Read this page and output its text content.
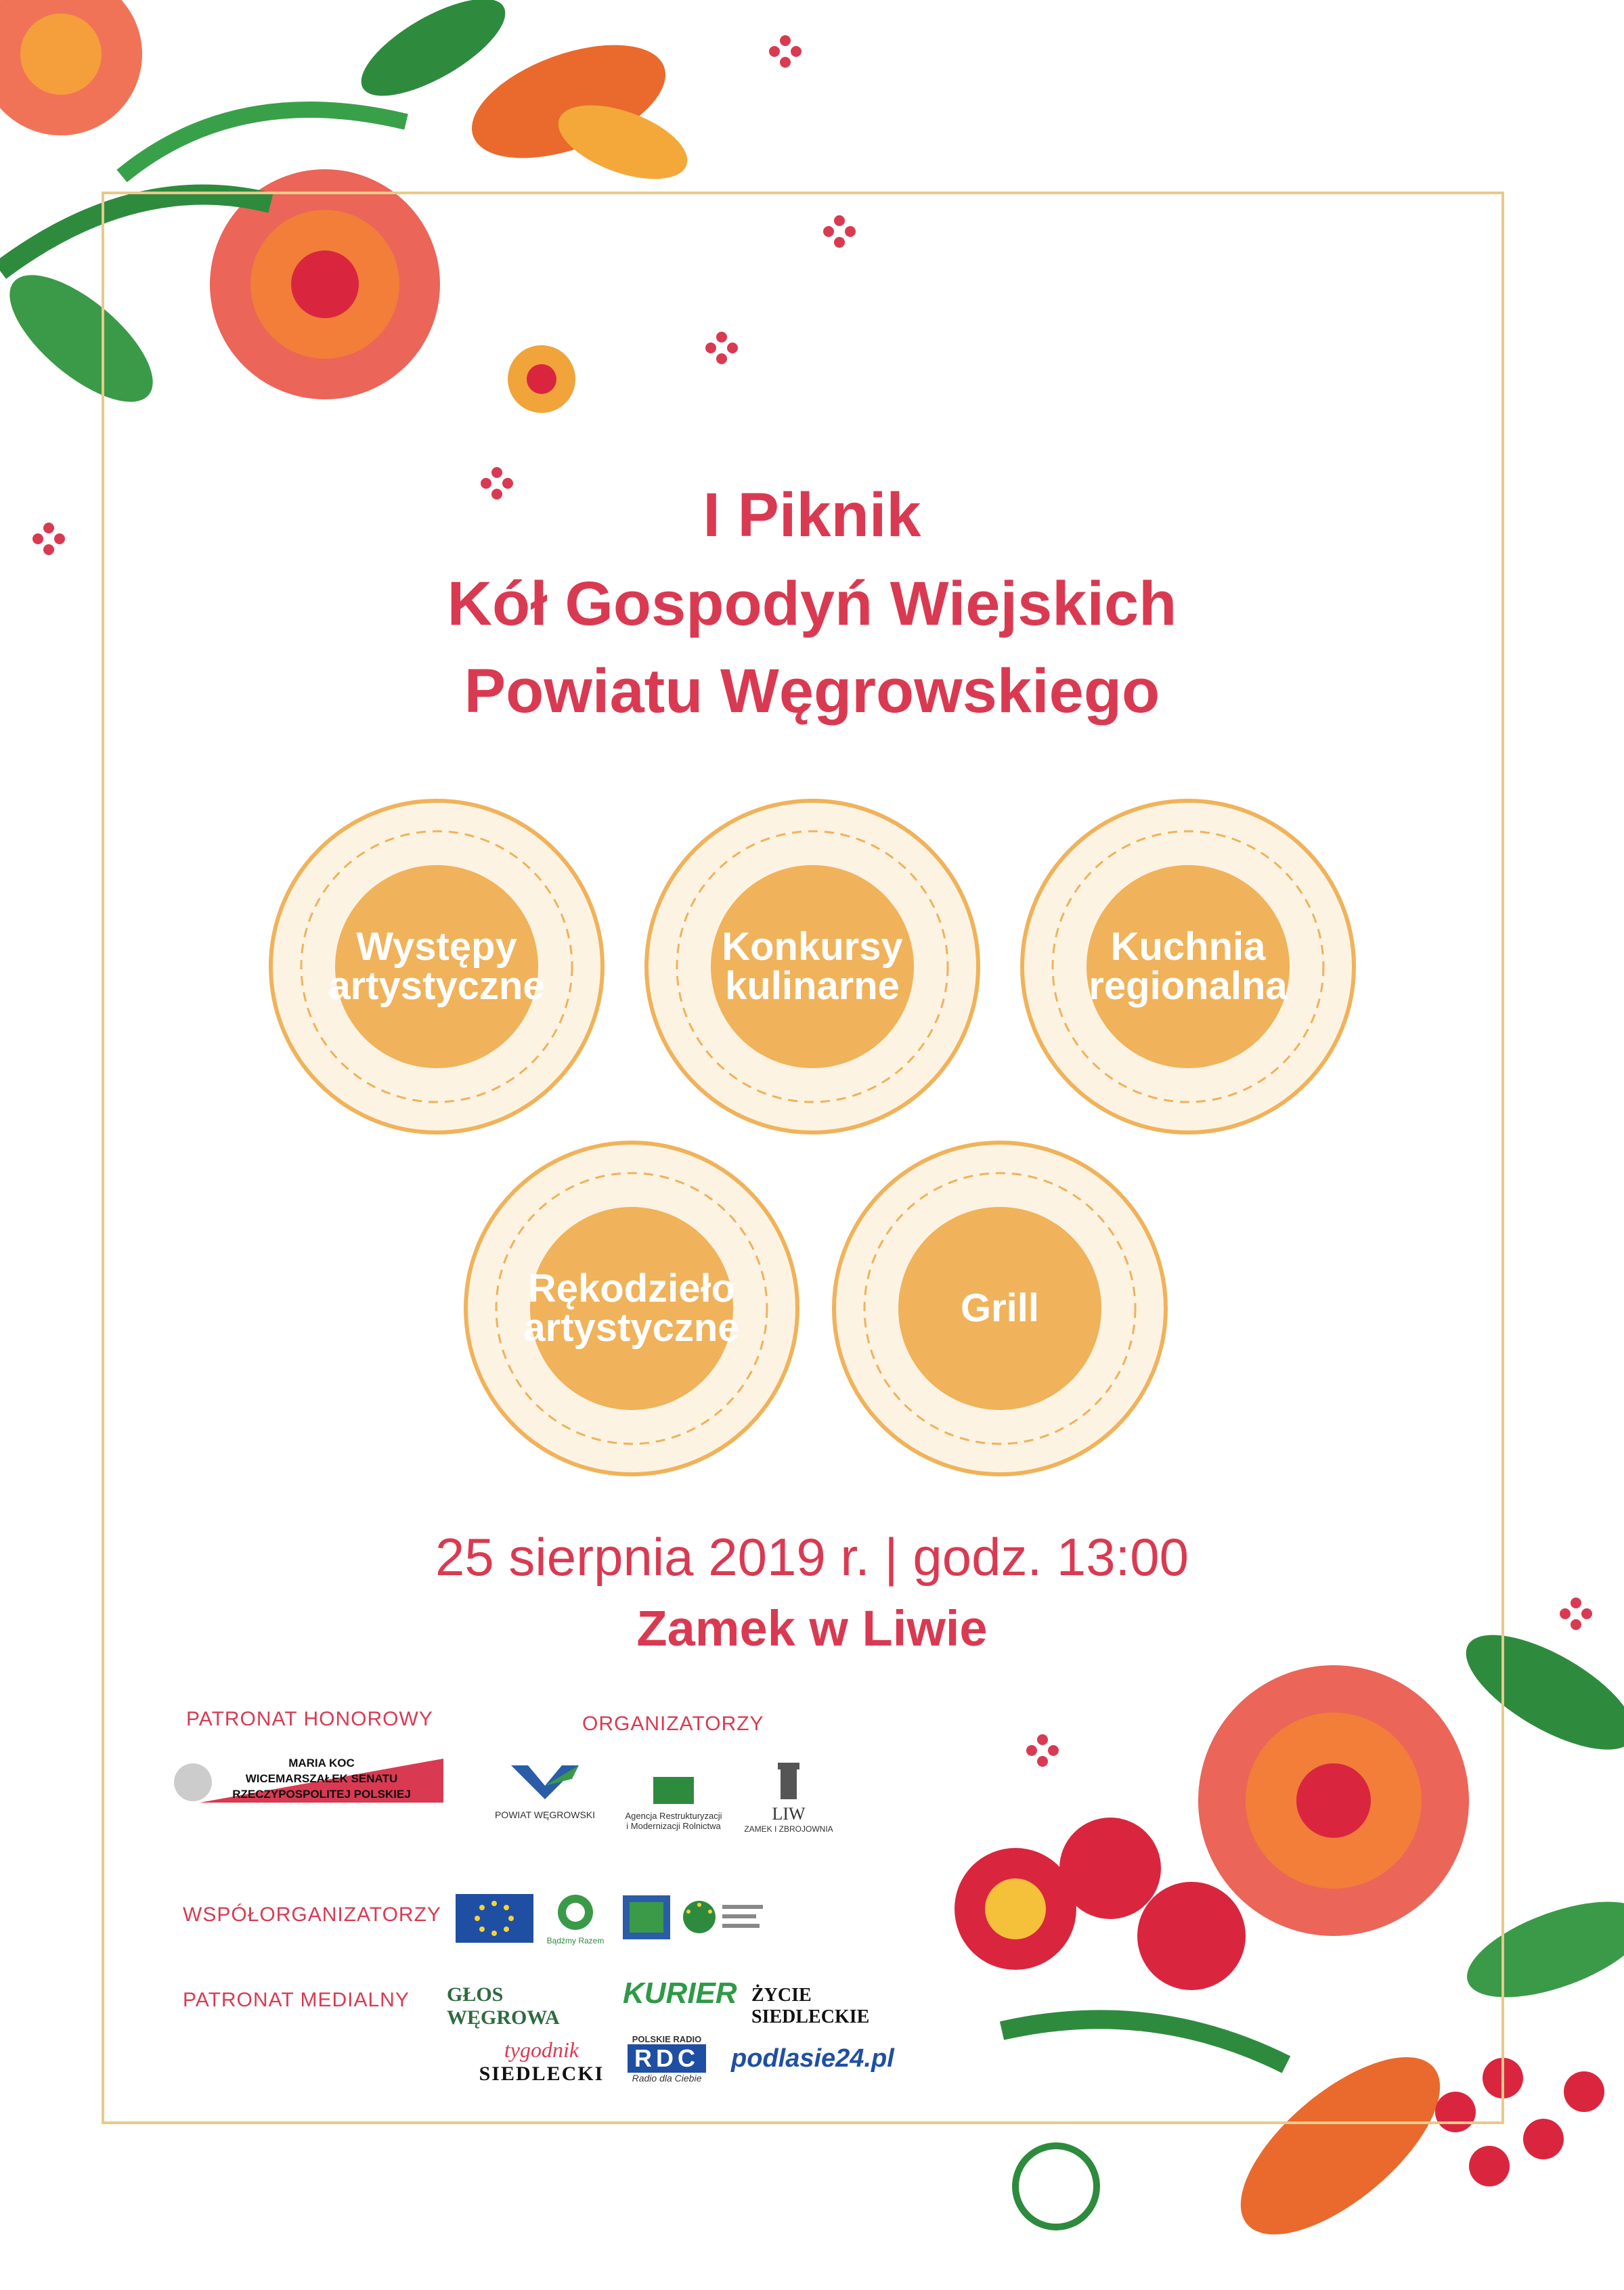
I Piknik
Kół Gospodyń Wiejskich
Powiatu Węgrowskiego
Występy
artystyczne
Konkursy
kulinarne
Kuchnia
regionalna
Rękodzieło
artystyczne	Grill
25 sierpnia 2019 r. | godz. 13:00
Zamek w Liwie
PATRONAT HONOROWY
MARIA KOC
WICEMARSZAŁEK SENATU
RZECZYPOSPOLITEJ POLSKIEJ
ORGANIZATORZY
POWIAT WĘGROWSKI	Agencja Restrukturyzacji
i Modernizacji Rolnictwa
LIW
ZAMEK I ZBROJOWNIA
WSPÓŁORGANIZATORZY
Bądźmy Razem
PATRONAT MEDIALNY GŁOS WĘGROWA
KURIER ŻYCIE SIEDLECKIE
tygodnik
SIEDLECKI
POLSKIE RADIO
RDC
Radio dla Ciebie
podlasie24.pl
